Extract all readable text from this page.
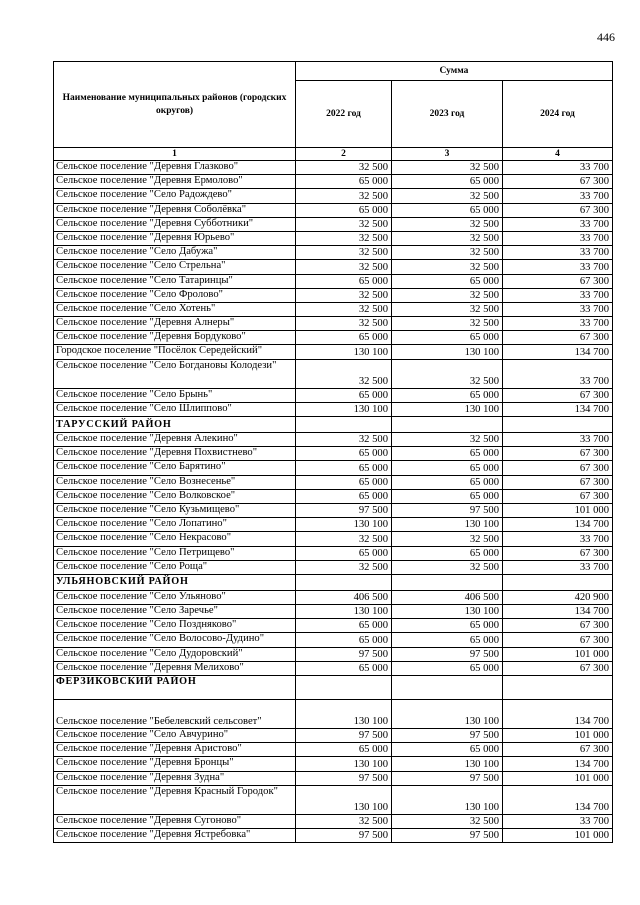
446
Наименование муниципальных районов (городских округов)	Сумма		
	2022 год	2023 год	2024 год
1	2	3	4
Сельское поселение "Деревня Глазково"	32 500	32 500	33 700
Сельское поселение "Деревня Ермолово"	65 000	65 000	67 300
Сельское поселение "Село Радождево"	32 500	32 500	33 700
Сельское поселение "Деревня Соболёвка"	65 000	65 000	67 300
Сельское поселение "Деревня Субботники"	32 500	32 500	33 700
Сельское поселение "Деревня Юрьево"	32 500	32 500	33 700
Сельское поселение "Село Дабужа"	32 500	32 500	33 700
Сельское поселение "Село Стрельна"	32 500	32 500	33 700
Сельское поселение "Село Татаринцы"	65 000	65 000	67 300
Сельское поселение "Село Фролово"	32 500	32 500	33 700
Сельское поселение "Село Хотень"	32 500	32 500	33 700
Сельское поселение "Деревня Алнеры"	32 500	32 500	33 700
Сельское поселение "Деревня Бордуково"	65 000	65 000	67 300
Городское поселение "Посёлок Середейский"	130 100	130 100	134 700
Сельское поселение "Село Богдановы Колодези"	32 500	32 500	33 700
Сельское поселение "Село Брынь"	65 000	65 000	67 300
Сельское поселение "Село Шлиппово"	130 100	130 100	134 700
ТАРУССКИЙ РАЙОН			
Сельское поселение "Деревня Алекино"	32 500	32 500	33 700
Сельское поселение "Деревня Похвистнево"	65 000	65 000	67 300
Сельское поселение "Село Барятино"	65 000	65 000	67 300
Сельское поселение "Село Вознесенье"	65 000	65 000	67 300
Сельское поселение "Село Волковское"	65 000	65 000	67 300
Сельское поселение "Село Кузьмищево"	97 500	97 500	101 000
Сельское поселение "Село Лопатино"	130 100	130 100	134 700
Сельское поселение "Село Некрасово"	32 500	32 500	33 700
Сельское поселение "Село Петрищево"	65 000	65 000	67 300
Сельское поселение "Село Роща"	32 500	32 500	33 700
УЛЬЯНОВСКИЙ РАЙОН			
Сельское поселение "Село Ульяново"	406 500	406 500	420 900
Сельское поселение "Село Заречье"	130 100	130 100	134 700
Сельское поселение "Село Поздняково"	65 000	65 000	67 300
Сельское поселение "Село Волосово-Дудино"	65 000	65 000	67 300
Сельское поселение "Село Дудоровский"	97 500	97 500	101 000
Сельское поселение "Деревня Мелихово"	65 000	65 000	67 300
ФЕРЗИКОВСКИЙ РАЙОН			
Сельское поселение "Бебелевский сельсовет"	130 100	130 100	134 700
Сельское поселение "Село Авчурино"	97 500	97 500	101 000
Сельское поселение "Деревня Аристово"	65 000	65 000	67 300
Сельское поселение "Деревня Бронцы"	130 100	130 100	134 700
Сельское поселение "Деревня Зудна"	97 500	97 500	101 000
Сельское поселение "Деревня Красный Городок"	130 100	130 100	134 700
Сельское поселение "Деревня Сугоново"	32 500	32 500	33 700
Сельское поселение "Деревня Ястребовка"	97 500	97 500	101 000
